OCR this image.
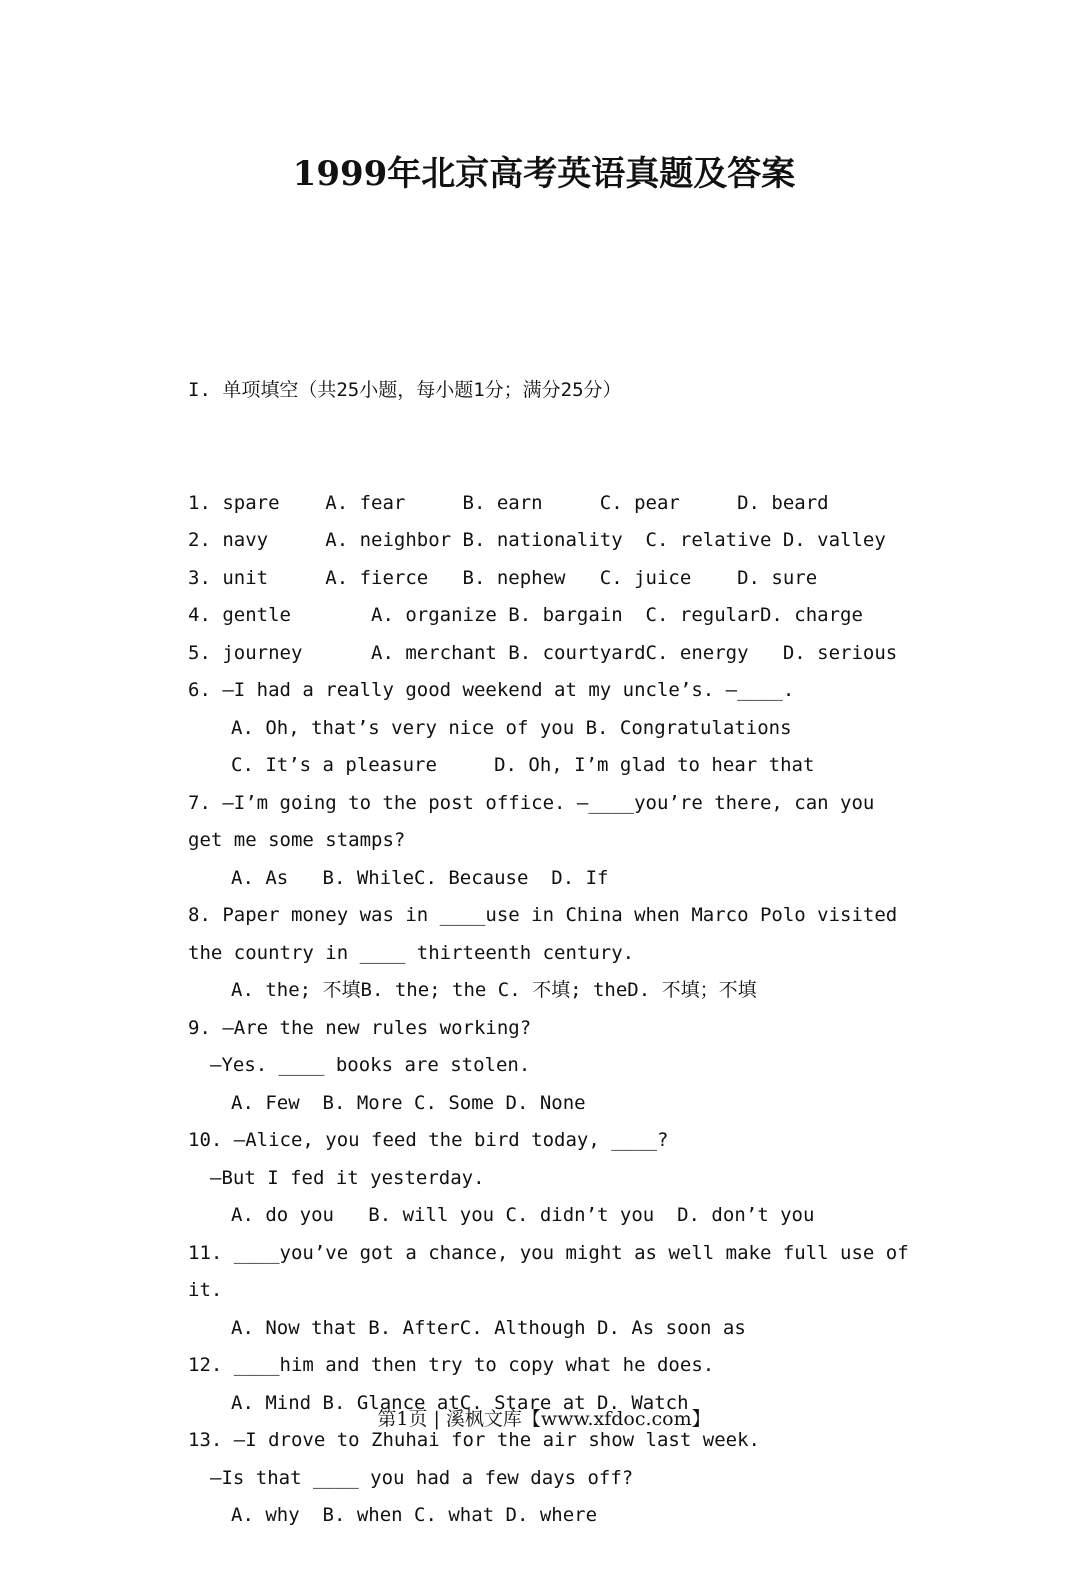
1999年北京高考英语真题及答案

I. 单项填空（共25小题，每小题1分；满分25分）

1. spare    A. fear     B. earn     C. pear     D. beard
2. navy     A. neighbor B. nationality  C. relative D. valley
3. unit     A. fierce   B. nephew   C. juice    D. sure
4. gentle       A. organize B. bargain  C. regularD. charge
5. journey      A. merchant B. courtyardC. energy   D. serious
6. —I had a really good weekend at my uncle’s. —____.
A. Oh, that’s very nice of you B. Congratulations
C. It’s a pleasure     D. Oh, I’m glad to hear that
7. —I’m going to the post office. —____you’re there, can you
get me some stamps?
A. As   B. WhileC. Because  D. If
8. Paper money was in ____use in China when Marco Polo visited
the country in ____ thirteenth century.
A. the; 不填B. the; the C. 不填; theD. 不填；不填
9. —Are the new rules working?
—Yes. ____ books are stolen.
A. Few  B. More C. Some D. None
10. —Alice, you feed the bird today, ____?
—But I fed it yesterday.
A. do you   B. will you C. didn’t you  D. don’t you
11. ____you’ve got a chance, you might as well make full use of
it.
A. Now that B. AfterC. Although D. As soon as
12. ____him and then try to copy what he does.
A. Mind B. Glance atC. Stare at D. Watch
13. —I drove to Zhuhai for the air show last week.
—Is that ____ you had a few days off?
A. why  B. when C. what D. where

第1页 | 溪枫文库【www.xfdoc.com】
